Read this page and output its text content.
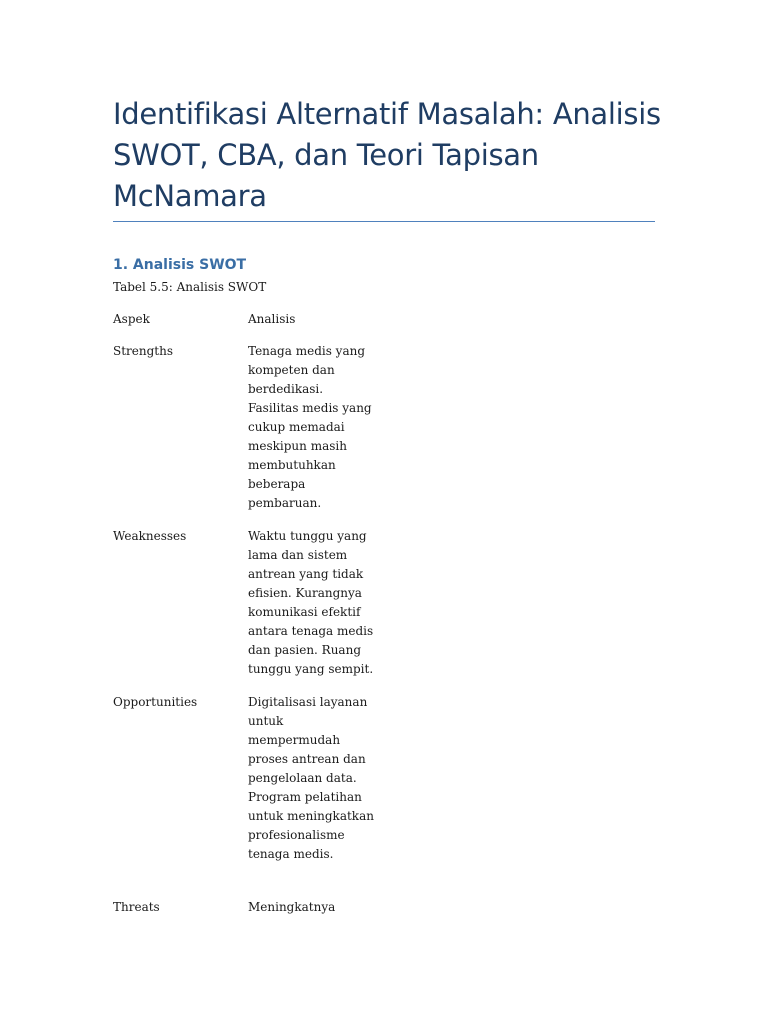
Identifikasi Alternatif Masalah: Analisis SWOT, CBA, dan Teori Tapisan McNamara
1. Analisis SWOT
Tabel 5.5: Analisis SWOT
Aspek	Analisis
Strengths	Tenaga medis yang kompeten dan berdedikasi. Fasilitas medis yang cukup memadai meskipun masih membutuhkan beberapa pembaruan.
Weaknesses	Waktu tunggu yang lama dan sistem antrean yang tidak efisien. Kurangnya komunikasi efektif antara tenaga medis dan pasien. Ruang tunggu yang sempit.
Opportunities	Digitalisasi layanan untuk mempermudah proses antrean dan pengelolaan data. Program pelatihan untuk meningkatkan profesionalisme tenaga medis.
Threats	Meningkatnya
